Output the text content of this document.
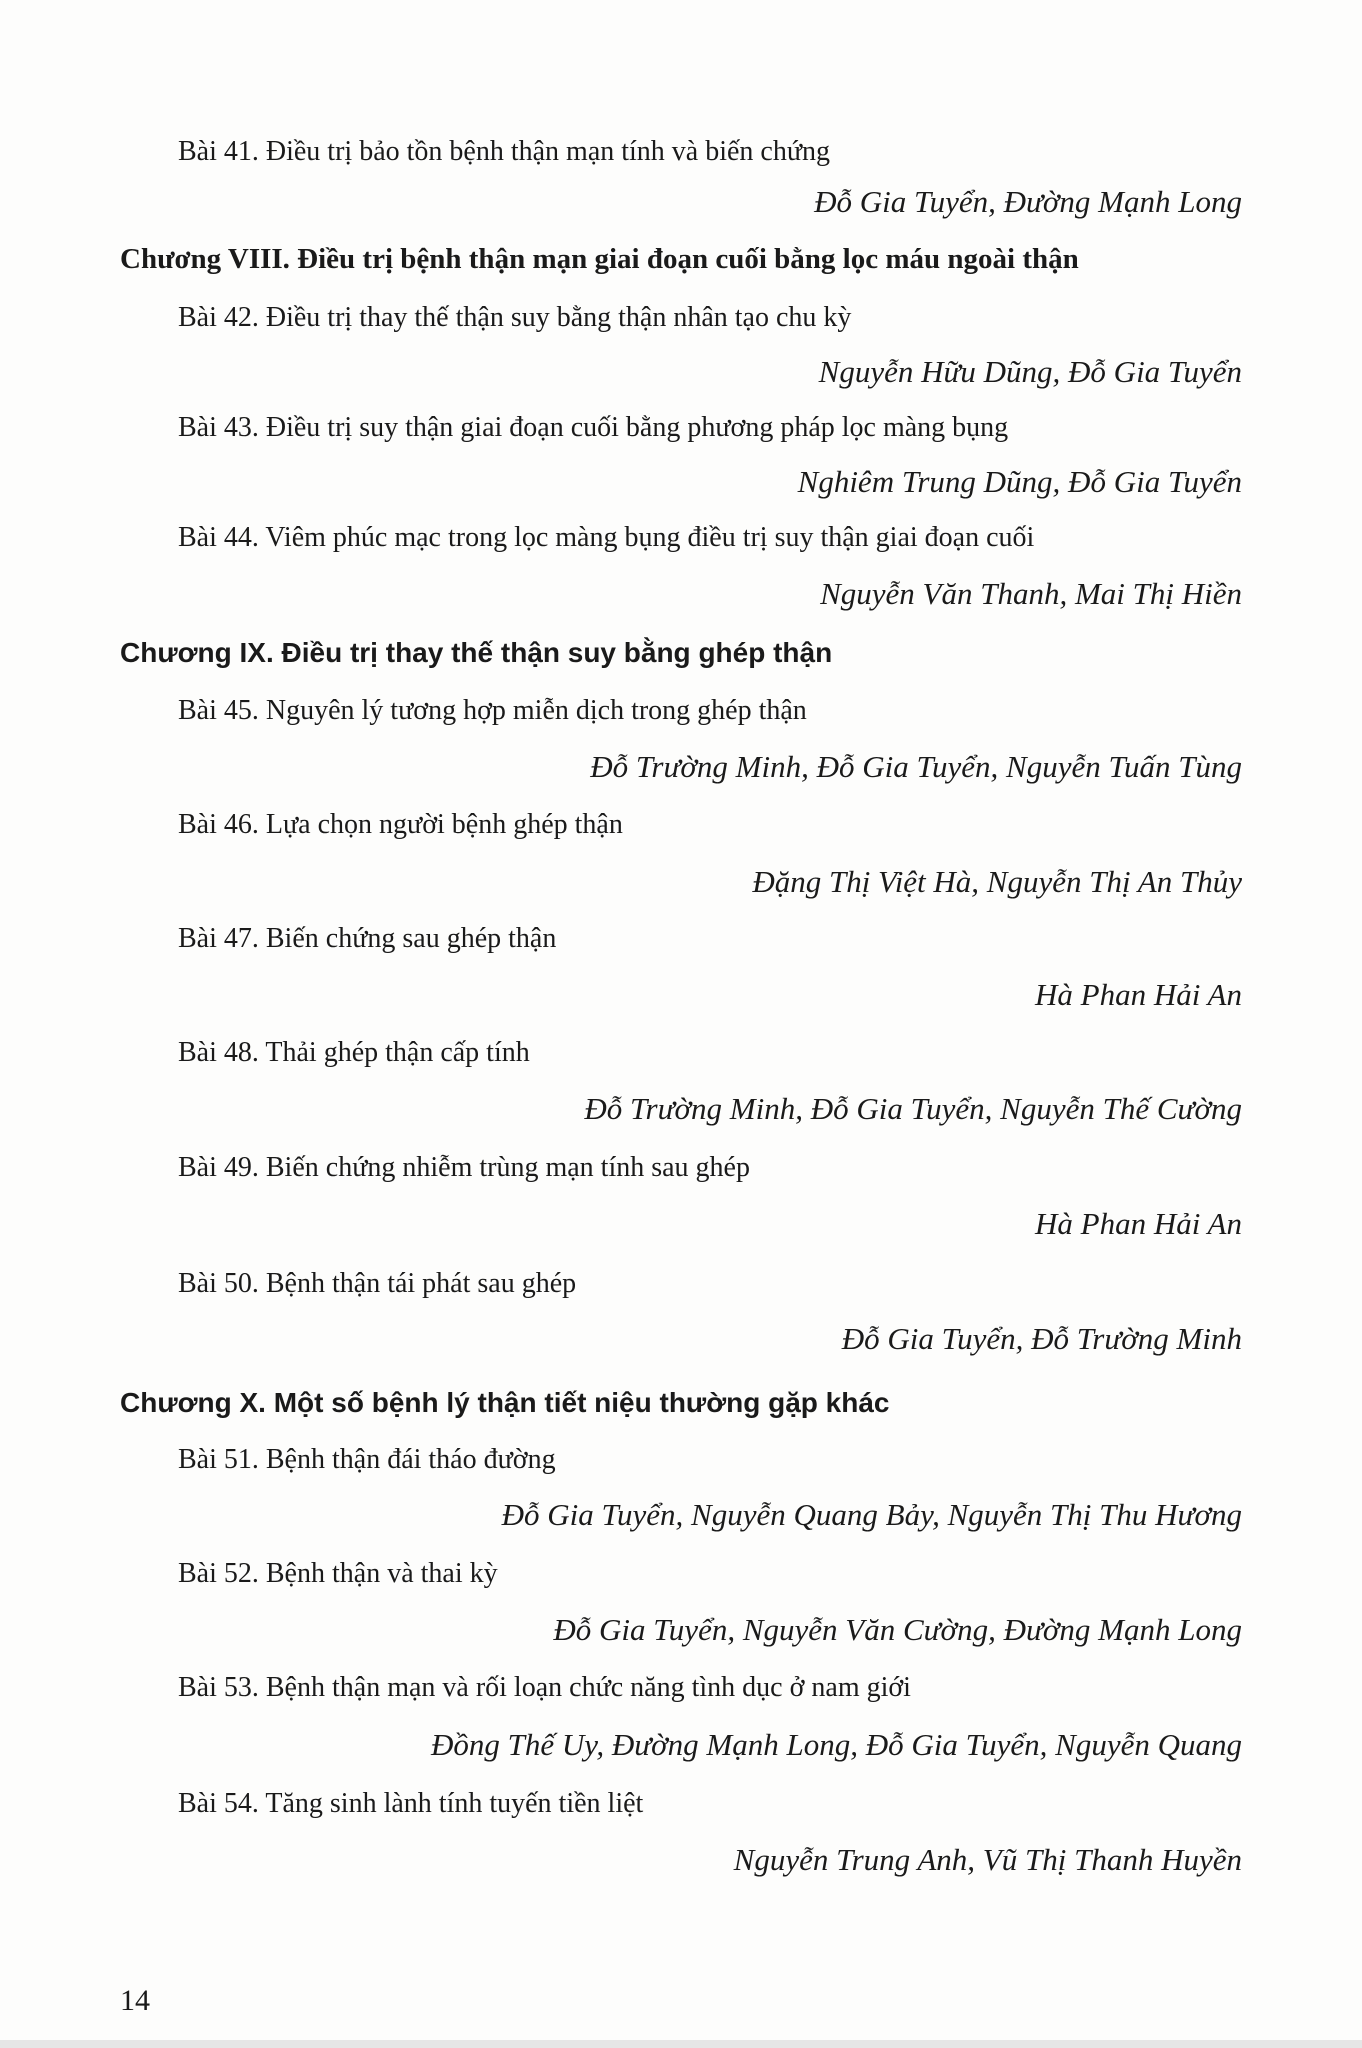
Bài 41. Điều trị bảo tồn bệnh thận mạn tính và biến chứng
Đỗ Gia Tuyển, Đường Mạnh Long
Chương VIII. Điều trị bệnh thận mạn giai đoạn cuối bằng lọc máu ngoài thận
Bài 42. Điều trị thay thế thận suy bằng thận nhân tạo chu kỳ
Nguyễn Hữu Dũng, Đỗ Gia Tuyển
Bài 43. Điều trị suy thận giai đoạn cuối bằng phương pháp lọc màng bụng
Nghiêm Trung Dũng, Đỗ Gia Tuyển
Bài 44. Viêm phúc mạc trong lọc màng bụng điều trị suy thận giai đoạn cuối
Nguyễn Văn Thanh, Mai Thị Hiền
Chương IX. Điều trị thay thế thận suy bằng ghép thận
Bài 45. Nguyên lý tương hợp miễn dịch trong ghép thận
Đỗ Trường Minh, Đỗ Gia Tuyển, Nguyễn Tuấn Tùng
Bài 46. Lựa chọn người bệnh ghép thận
Đặng Thị Việt Hà, Nguyễn Thị An Thủy
Bài 47. Biến chứng sau ghép thận
Hà Phan Hải An
Bài 48. Thải ghép thận cấp tính
Đỗ Trường Minh, Đỗ Gia Tuyển, Nguyễn Thế Cường
Bài 49. Biến chứng nhiễm trùng mạn tính sau ghép
Hà Phan Hải An
Bài 50. Bệnh thận tái phát sau ghép
Đỗ Gia Tuyển, Đỗ Trường Minh
Chương X. Một số bệnh lý thận tiết niệu thường gặp khác
Bài 51. Bệnh thận đái tháo đường
Đỗ Gia Tuyển, Nguyễn Quang Bảy, Nguyễn Thị Thu Hương
Bài 52. Bệnh thận và thai kỳ
Đỗ Gia Tuyển, Nguyễn Văn Cường, Đường Mạnh Long
Bài 53. Bệnh thận mạn và rối loạn chức năng tình dục ở nam giới
Đồng Thế Uy, Đường Mạnh Long, Đỗ Gia Tuyển, Nguyễn Quang
Bài 54. Tăng sinh lành tính tuyến tiền liệt
Nguyễn Trung Anh, Vũ Thị Thanh Huyền
14
